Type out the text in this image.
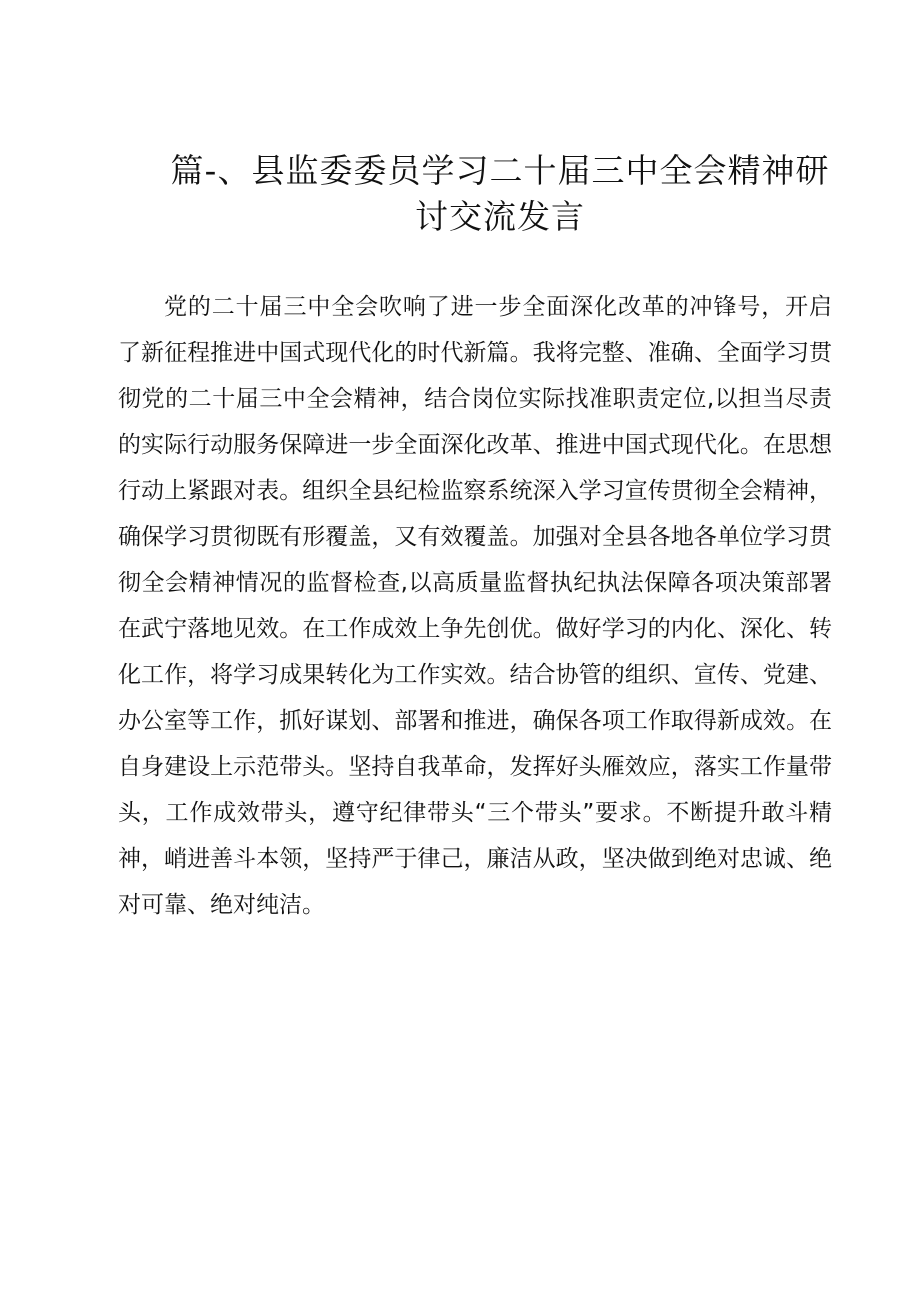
篇-、县监委委员学习二十届三中全会精神研
讨交流发言
党的二十届三中全会吹响了进一步全面深化改革的冲锋号，开启
了新征程推进中国式现代化的时代新篇。我将完整、准确、全面学习贯
彻党的二十届三中全会精神，结合岗位实际找准职责定位,以担当尽责
的实际行动服务保障进一步全面深化改革、推进中国式现代化。在思想
行动上紧跟对表。组织全县纪检监察系统深入学习宣传贯彻全会精神，
确保学习贯彻既有形覆盖，又有效覆盖。加强对全县各地各单位学习贯
彻全会精神情况的监督检查,以高质量监督执纪执法保障各项决策部署
在武宁落地见效。在工作成效上争先创优。做好学习的内化、深化、转
化工作，将学习成果转化为工作实效。结合协管的组织、宣传、党建、
办公室等工作，抓好谋划、部署和推进，确保各项工作取得新成效。在
自身建设上示范带头。坚持自我革命，发挥好头雁效应，落实工作量带
头，工作成效带头，遵守纪律带头“三个带头”要求。不断提升敢斗精
神，峭进善斗本领，坚持严于律己，廉洁从政，坚决做到绝对忠诚、绝
对可靠、绝对纯洁。
